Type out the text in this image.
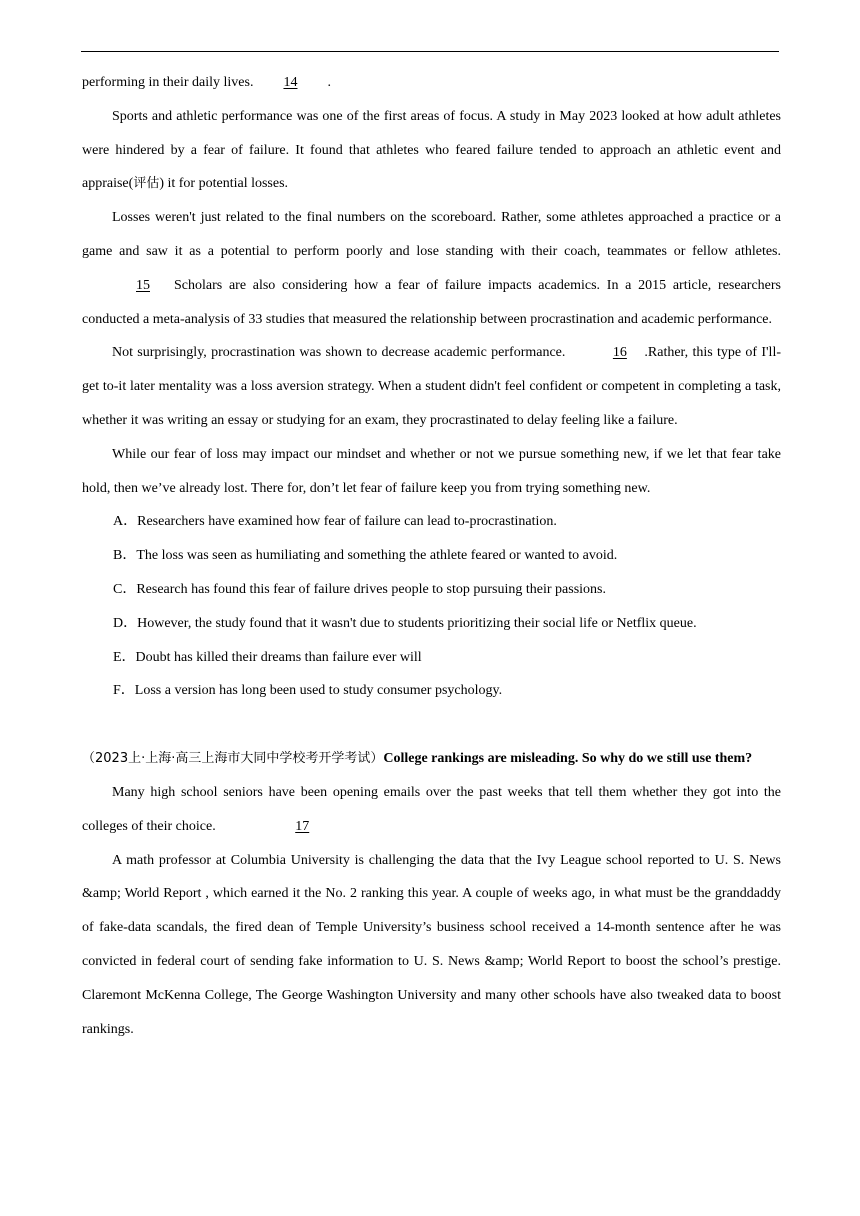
performing in their daily lives. 14 .

Sports and athletic performance was one of the first areas of focus. A study in May 2023 looked at how adult athletes were hindered by a fear of failure. It found that athletes who feared failure tended to approach an athletic event and appraise(评估) it for potential losses.

Losses weren't just related to the final numbers on the scoreboard. Rather, some athletes approached a practice or a game and saw it as a potential to perform poorly and lose standing with their coach, teammates or fellow athletes.15 Scholars are also considering how a fear of failure impacts academics. In a 2015 article, researchers conducted a meta-analysis of 33 studies that measured the relationship between procrastination and academic performance.

Not surprisingly, procrastination was shown to decrease academic performance.	16 .Rather, this type of I'll-get to-it later mentality was a loss aversion strategy. When a student didn't feel confident or competent in completing a task, whether it was writing an essay or studying for an exam, they procrastinated to delay feeling like a failure.

While our fear of loss may impact our mindset and whether or not we pursue something new, if we let that fear take hold, then we’ve already lost. There for, don’t let fear of failure keep you from trying something new.

A．Researchers have examined how fear of failure can lead to-procrastination.
B．The loss was seen as humiliating and something the athlete feared or wanted to avoid.
C．Research has found this fear of failure drives people to stop pursuing their passions.
D．However, the study found that it wasn't due to students prioritizing their social life or Netflix queue.
E．Doubt has killed their dreams than failure ever will
F．Loss a version has long been used to study consumer psychology.

（2023上·上海·高三上海市大同中学校考开学考试）College rankings are misleading. So why do we still use them?

Many high school seniors have been opening emails over the past weeks that tell them whether they got into the colleges of their choice.	17

A math professor at Columbia University is challenging the data that the Ivy League school reported to U. S. News &amp; World Report , which earned it the No. 2 ranking this year. A couple of weeks ago, in what must be the granddaddy of fake-data scandals, the fired dean of Temple University’s business school received a 14-month sentence after he was convicted in federal court of sending fake information to U. S. News &amp; World Report to boost the school’s prestige. Claremont McKenna College, The George Washington University and many other schools have also tweaked data to boost rankings.
